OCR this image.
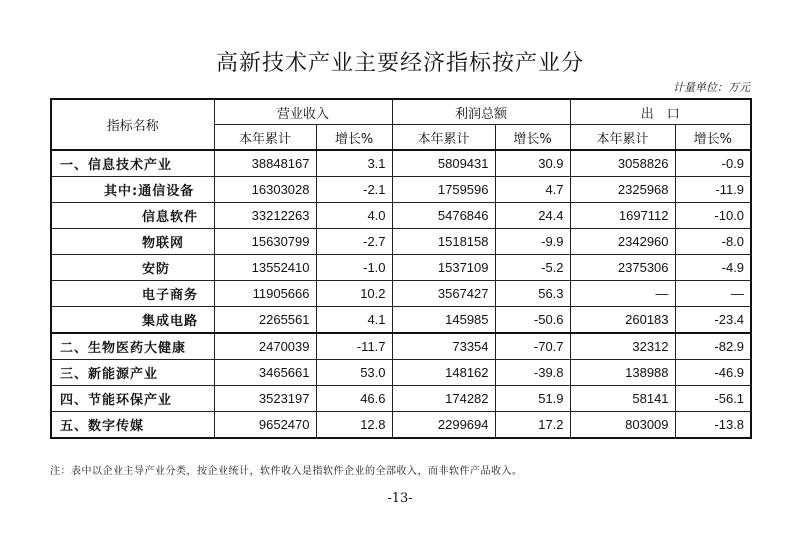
高新技术产业主要经济指标按产业分
计量单位：万元
指标名称	营业收入		利润总额		出　口	
	本年累计	增长%	本年累计	增长%	本年累计	增长%
一、信息技术产业	38848167	3.1	5809431	30.9	3058826	-0.9
其中:通信设备	16303028	-2.1	1759596	4.7	2325968	-11.9
信息软件	33212263	4.0	5476846	24.4	1697112	-10.0
物联网	15630799	-2.7	1518158	-9.9	2342960	-8.0
安防	13552410	-1.0	1537109	-5.2	2375306	-4.9
电子商务	11905666	10.2	3567427	56.3	—	—
集成电路	2265561	4.1	145985	-50.6	260183	-23.4
二、生物医药大健康	2470039	-11.7	73354	-70.7	32312	-82.9
三、新能源产业	3465661	53.0	148162	-39.8	138988	-46.9
四、节能环保产业	3523197	46.6	174282	51.9	58141	-56.1
五、数字传媒	9652470	12.8	2299694	17.2	803009	-13.8
注：表中以企业主导产业分类，按企业统计，软件收入是指软件企业的全部收入，而非软件产品收入。
-13-
